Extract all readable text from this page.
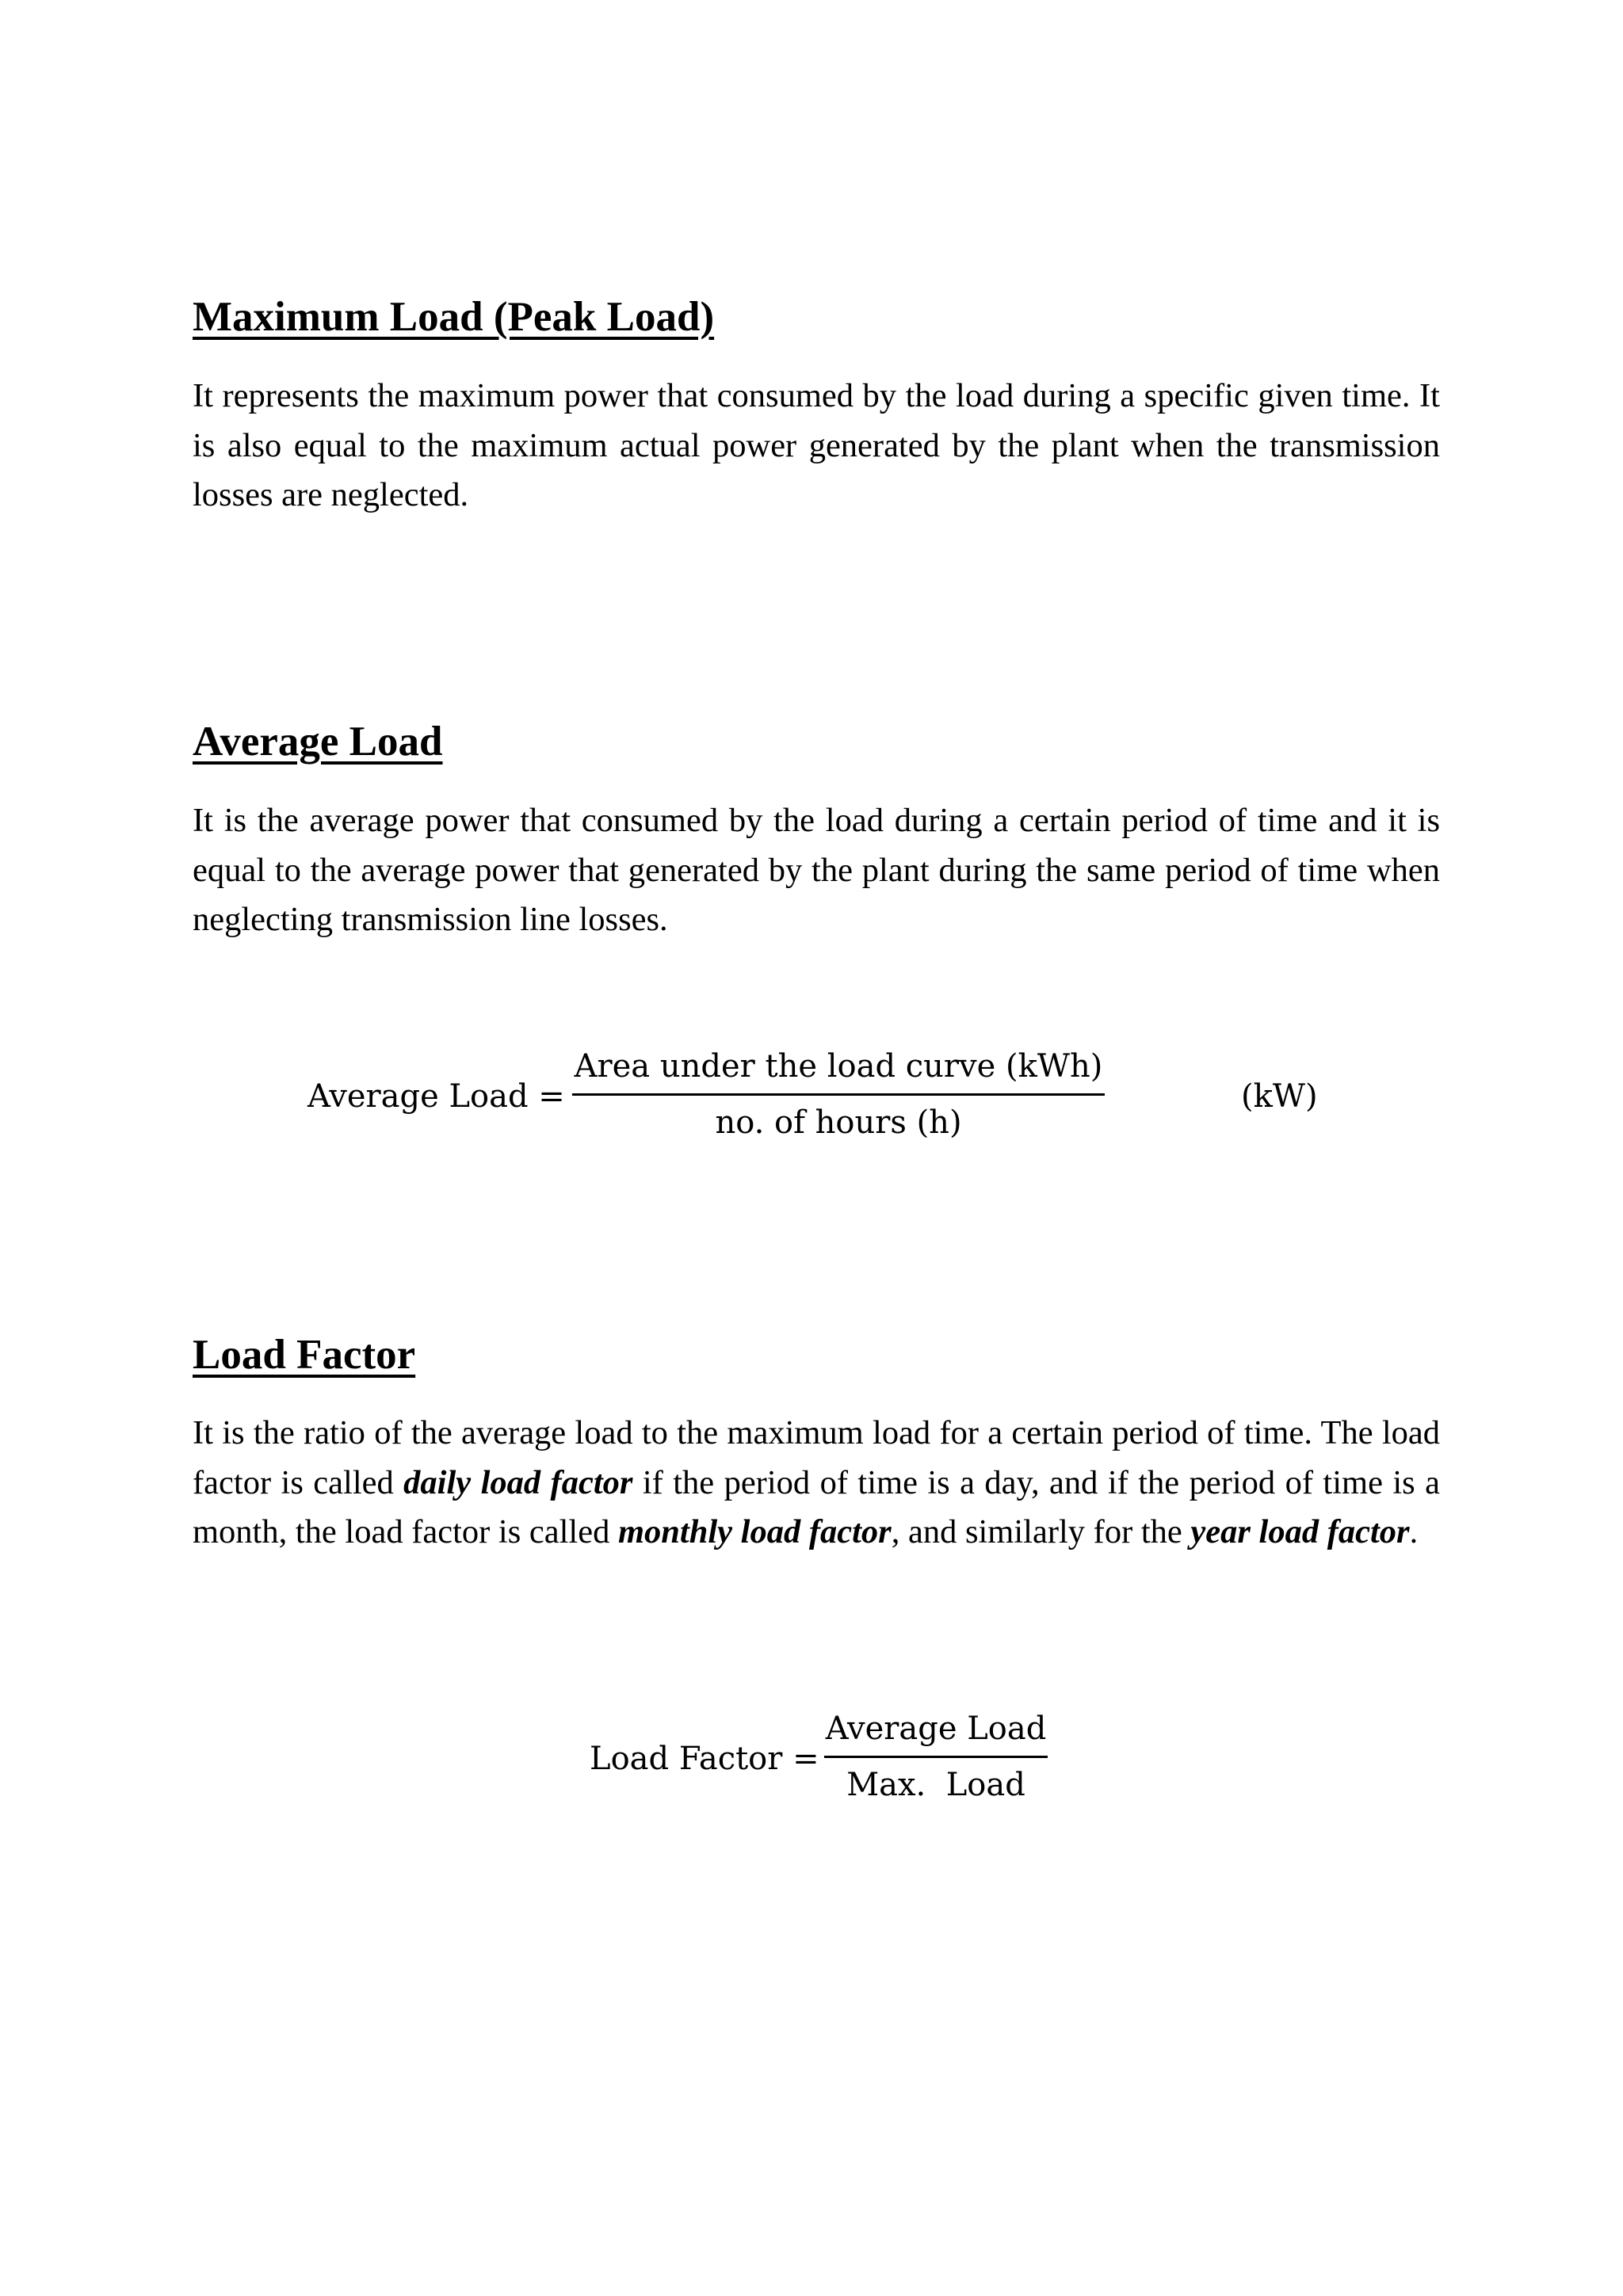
Maximum Load (Peak Load)

It represents the maximum power that consumed by the load during a specific given time. It is also equal to the maximum actual power generated by the plant when the transmission losses are neglected.

Average Load

It is the average power that consumed by the load during a certain period of time and it is equal to the average power that generated by the plant during the same period of time when neglecting transmission line losses.

Average Load =
Area under the load curve (kWh)
no. of hours (h)
(kW)
Load Factor

It is the ratio of the average load to the maximum load for a certain period of time. The load factor is called daily load factor if the period of time is a day, and if the period of time is a month, the load factor is called monthly load factor, and similarly for the year load factor.

Load Factor =
Average Load
Max.  Load
